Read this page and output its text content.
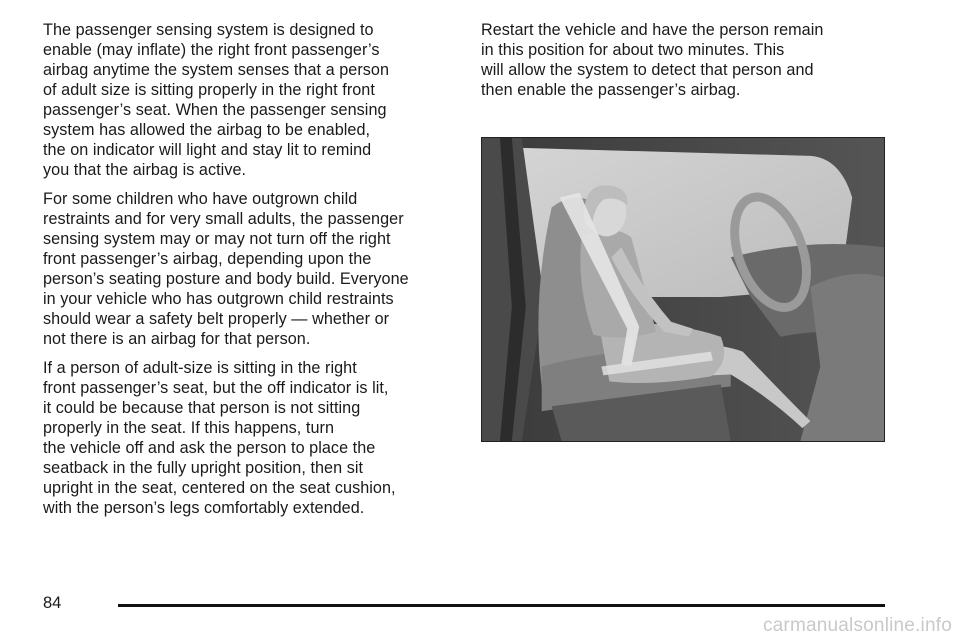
The passenger sensing system is designed to
enable (may inflate) the right front passenger’s
airbag anytime the system senses that a person
of adult size is sitting properly in the right front
passenger’s seat. When the passenger sensing
system has allowed the airbag to be enabled,
the on indicator will light and stay lit to remind
you that the airbag is active.

For some children who have outgrown child
restraints and for very small adults, the passenger
sensing system may or may not turn off the right
front passenger’s airbag, depending upon the
person’s seating posture and body build. Everyone
in your vehicle who has outgrown child restraints
should wear a safety belt properly — whether or
not there is an airbag for that person.

If a person of adult-size is sitting in the right
front passenger’s seat, but the off indicator is lit,
it could be because that person is not sitting
properly in the seat. If this happens, turn
the vehicle off and ask the person to place the
seatback in the fully upright position, then sit
upright in the seat, centered on the seat cushion,
with the person’s legs comfortably extended.

Restart the vehicle and have the person remain
in this position for about two minutes. This
will allow the system to detect that person and
then enable the passenger’s airbag.

84
carmanualsonline.info
